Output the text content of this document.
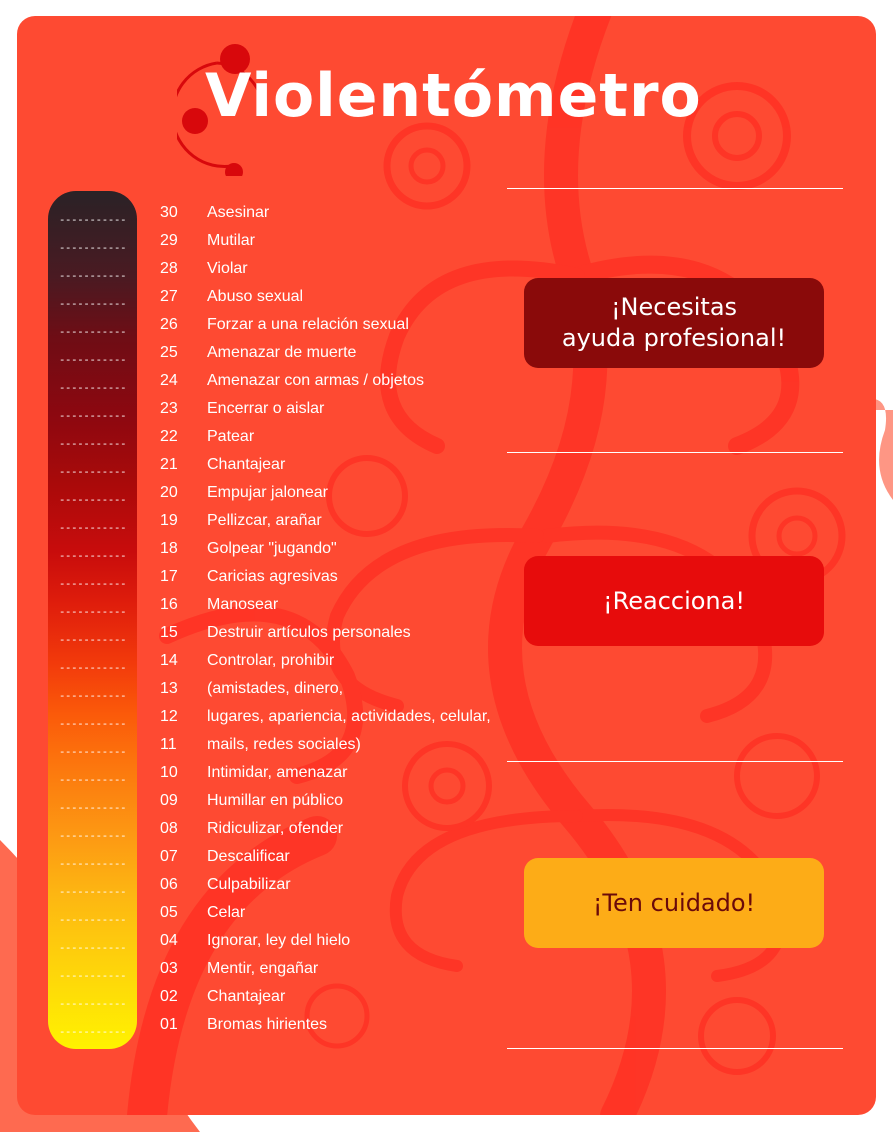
Violentómetro
-----------
-----------
-----------
-----------
-----------
-----------
-----------
-----------
-----------
-----------
-----------
-----------
-----------
-----------
-----------
-----------
-----------
-----------
-----------
-----------
-----------
-----------
-----------
-----------
-----------
-----------
-----------
-----------
-----------
-----------
30	Asesinar
29	Mutilar
28	Violar
27	Abuso sexual
26	Forzar a una relación sexual
25	Amenazar de muerte
24	Amenazar con armas / objetos
23	Encerrar o aislar
22	Patear
21	Chantajear
20	Empujar jalonear
19	Pellizcar, arañar
18	Golpear "jugando"
17	Caricias agresivas
16	Manosear
15	Destruir artículos personales
14	Controlar, prohibir
13	(amistades, dinero,
12	lugares, apariencia, actividades, celular,
11	mails, redes sociales)
10	Intimidar, amenazar
09	Humillar en público
08	Ridiculizar, ofender
07	Descalificar
06	Culpabilizar
05	Celar
04	Ignorar, ley del hielo
03	Mentir, engañar
02	Chantajear
01	Bromas hirientes
¡Necesitas
ayuda profesional!
¡Reacciona!
¡Ten cuidado!
